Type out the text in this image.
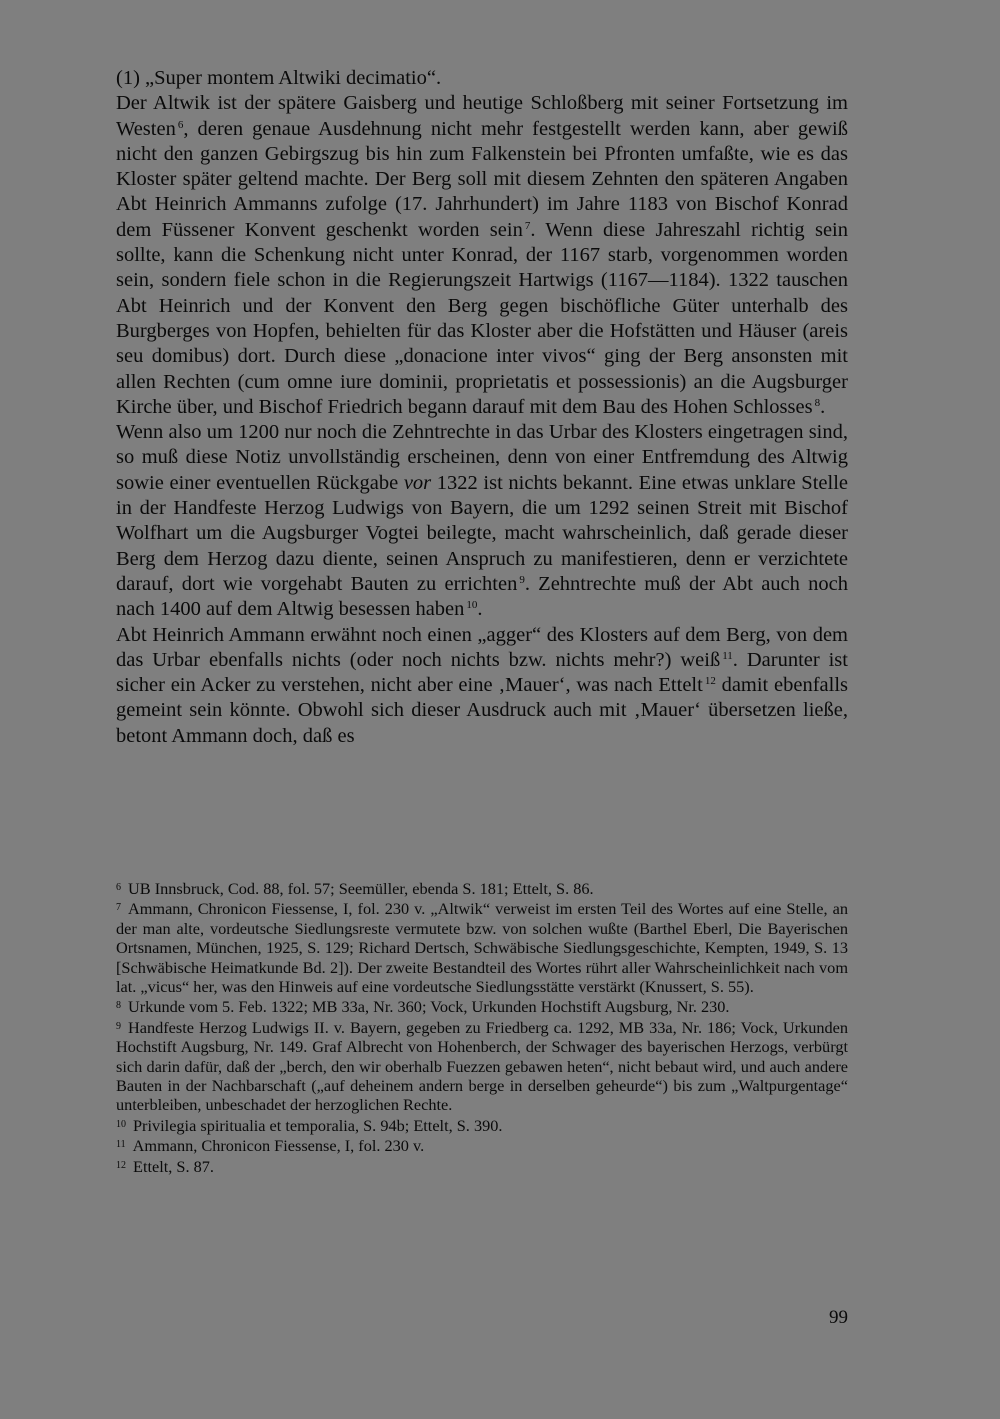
(1) „Super montem Altwiki decimatio“.

Der Altwik ist der spätere Gaisberg und heutige Schloßberg mit seiner Fortsetzung im Westen $^6$, deren genaue Ausdehnung nicht mehr festgestellt werden kann, aber gewiß nicht den ganzen Gebirgszug bis hin zum Falkenstein bei Pfronten umfaßte, wie es das Kloster später geltend machte. Der Berg soll mit diesem Zehnten den späteren Angaben Abt Heinrich Ammanns zufolge (17. Jahrhundert) im Jahre 1183 von Bischof Konrad dem Füssener Konvent geschenkt worden sein $^7$. Wenn diese Jahreszahl richtig sein sollte, kann die Schenkung nicht unter Konrad, der 1167 starb, vorgenommen worden sein, sondern fiele schon in die Regierungszeit Hartwigs (1167—1184). 1322 tauschen Abt Heinrich und der Konvent den Berg gegen bischöfliche Güter unterhalb des Burgberges von Hopfen, behielten für das Kloster aber die Hofstätten und Häuser (areis seu domibus) dort. Durch diese „donacione inter vivos“ ging der Berg ansonsten mit allen Rechten (cum omne iure dominii, proprietatis et possessionis) an die Augsburger Kirche über, und Bischof Friedrich begann darauf mit dem Bau des Hohen Schlosses $^8$.

Wenn also um 1200 nur noch die Zehntrechte in das Urbar des Klosters eingetragen sind, so muß diese Notiz unvollständig erscheinen, denn von einer Entfremdung des Altwig sowie einer eventuellen Rückgabe vor 1322 ist nichts bekannt. Eine etwas unklare Stelle in der Handfeste Herzog Ludwigs von Bayern, die um 1292 seinen Streit mit Bischof Wolfhart um die Augsburger Vogtei beilegte, macht wahrscheinlich, daß gerade dieser Berg dem Herzog dazu diente, seinen Anspruch zu manifestieren, denn er verzichtete darauf, dort wie vorgehabt Bauten zu errichten $^9$. Zehntrechte muß der Abt auch noch nach 1400 auf dem Altwig besessen haben $^{10}$.

Abt Heinrich Ammann erwähnt noch einen „agger“ des Klosters auf dem Berg, von dem das Urbar ebenfalls nichts (oder noch nichts bzw. nichts mehr?) weiß $^{11}$. Darunter ist sicher ein Acker zu verstehen, nicht aber eine ‚Mauer‘, was nach Ettelt $^{12}$ damit ebenfalls gemeint sein könnte. Obwohl sich dieser Ausdruck auch mit ‚Mauer‘ übersetzen ließe, betont Ammann doch, daß es

$^6$ UB Innsbruck, Cod. 88, fol. 57; Seemüller, ebenda S. 181; Ettelt, S. 86.
$^7$ Ammann, Chronicon Fiessense, I, fol. 230 v. „Altwik“ verweist im ersten Teil des Wortes auf eine Stelle, an der man alte, vordeutsche Siedlungsreste vermutete bzw. von solchen wußte (Barthel Eberl, Die Bayerischen Ortsnamen, München, 1925, S. 129; Richard Dertsch, Schwäbische Siedlungsgeschichte, Kempten, 1949, S. 13 [Schwäbische Heimatkunde Bd. 2]). Der zweite Bestandteil des Wortes rührt aller Wahrscheinlichkeit nach vom lat. „vicus“ her, was den Hinweis auf eine vordeutsche Siedlungsstätte verstärkt (Knussert, S. 55).
$^8$ Urkunde vom 5. Feb. 1322; MB 33a, Nr. 360; Vock, Urkunden Hochstift Augsburg, Nr. 230.
$^9$ Handfeste Herzog Ludwigs II. v. Bayern, gegeben zu Friedberg ca. 1292, MB 33a, Nr. 186; Vock, Urkunden Hochstift Augsburg, Nr. 149. Graf Albrecht von Hohenberch, der Schwager des bayerischen Herzogs, verbürgt sich darin dafür, daß der „berch, den wir oberhalb Fuezzen gebawen heten“, nicht bebaut wird, und auch andere Bauten in der Nachbarschaft („auf deheinem andern berge in derselben geheurde“) bis zum „Waltpurgentage“ unterbleiben, unbeschadet der herzoglichen Rechte.
$^{10}$ Privilegia spiritualia et temporalia, S. 94b; Ettelt, S. 390.
$^{11}$ Ammann, Chronicon Fiessense, I, fol. 230 v.
$^{12}$ Ettelt, S. 87.
99
